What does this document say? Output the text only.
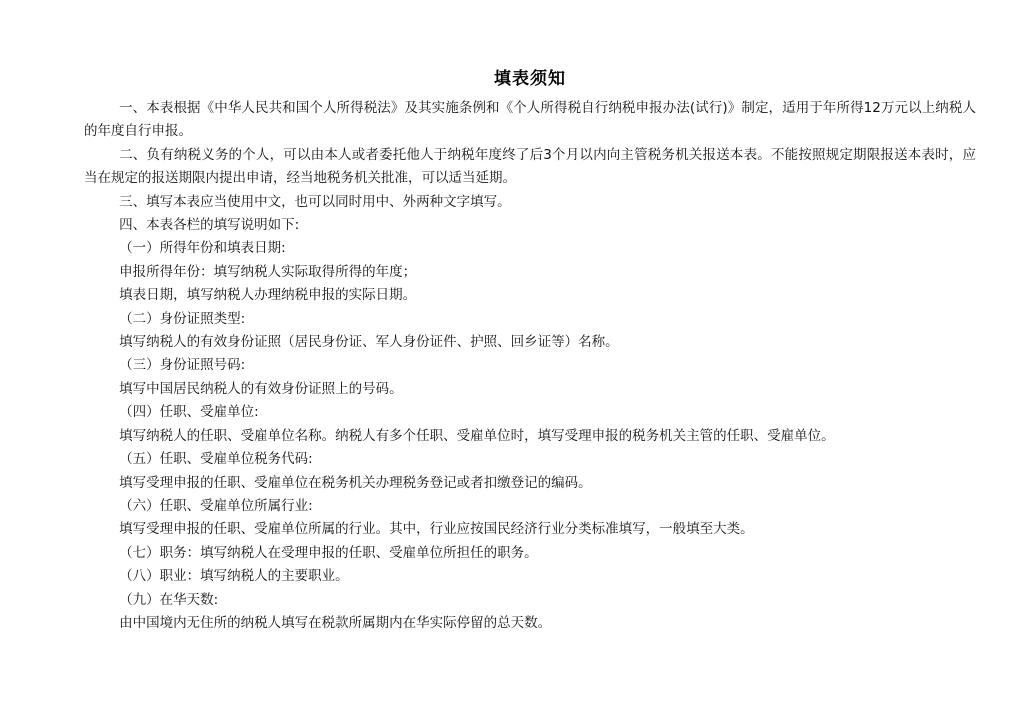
填表须知

一、本表根据《中华人民共和国个人所得税法》及其实施条例和《个人所得税自行纳税申报办法(试行)》制定，适用于年所得12万元以上纳税人的年度自行申报。

二、负有纳税义务的个人，可以由本人或者委托他人于纳税年度终了后3个月以内向主管税务机关报送本表。不能按照规定期限报送本表时，应当在规定的报送期限内提出申请，经当地税务机关批准，可以适当延期。

三、填写本表应当使用中文，也可以同时用中、外两种文字填写。

四、本表各栏的填写说明如下:

（一）所得年份和填表日期:

申报所得年份：填写纳税人实际取得所得的年度；

填表日期，填写纳税人办理纳税申报的实际日期。

（二）身份证照类型:

填写纳税人的有效身份证照（居民身份证、军人身份证件、护照、回乡证等）名称。

（三）身份证照号码:

填写中国居民纳税人的有效身份证照上的号码。

（四）任职、受雇单位:

填写纳税人的任职、受雇单位名称。纳税人有多个任职、受雇单位时，填写受理申报的税务机关主管的任职、受雇单位。

（五）任职、受雇单位税务代码:

填写受理申报的任职、受雇单位在税务机关办理税务登记或者扣缴登记的编码。

（六）任职、受雇单位所属行业:

填写受理申报的任职、受雇单位所属的行业。其中，行业应按国民经济行业分类标准填写，一般填至大类。

（七）职务：填写纳税人在受理申报的任职、受雇单位所担任的职务。

（八）职业：填写纳税人的主要职业。

（九）在华天数:

由中国境内无住所的纳税人填写在税款所属期内在华实际停留的总天数。
